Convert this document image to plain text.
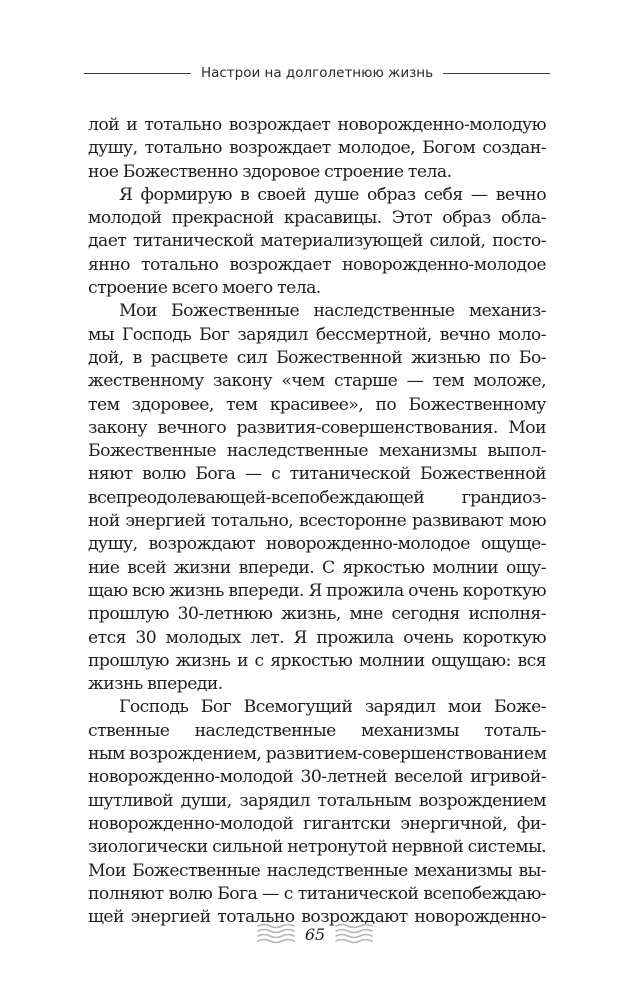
Настрои на долголетнюю жизнь
лой и тотально возрождает новорожденно-молодую
душу, тотально возрождает молодое, Богом создан-
ное Божественно здоровое строение тела.
Я формирую в своей душе образ себя — вечно
молодой прекрасной красавицы. Этот образ обла-
дает титанической материализующей силой, посто-
янно тотально возрождает новорожденно-молодое
строение всего моего тела.
Мои Божественные наследственные механиз-
мы Господь Бог зарядил бессмертной, вечно моло-
дой, в расцвете сил Божественной жизнью по Бо-
жественному закону «чем старше — тем моложе,
тем здоровее, тем красивее», по Божественному
закону вечного развития-совершенствования. Мои
Божественные наследственные механизмы выпол-
няют волю Бога — с титанической Божественной
всепреодолевающей-всепобеждающей грандиоз-
ной энергией тотально, всесторонне развивают мою
душу, возрождают новорожденно-молодое ощуще-
ние всей жизни впереди. С яркостью молнии ощу-
щаю всю жизнь впереди. Я прожила очень короткую
прошлую 30-летнюю жизнь, мне сегодня исполня-
ется 30 молодых лет. Я прожила очень короткую
прошлую жизнь и с яркостью молнии ощущаю: вся
жизнь впереди.
Господь Бог Всемогущий зарядил мои Боже-
ственные наследственные механизмы тоталь-
ным возрождением, развитием-совершенствованием
новорожденно-молодой 30-летней веселой игривой-
шутливой души, зарядил тотальным возрождением
новорожденно-молодой гигантски энергичной, фи-
зиологически сильной нетронутой нервной системы.
Мои Божественные наследственные механизмы вы-
полняют волю Бога — с титанической всепобеждаю-
щей энергией тотально возрождают новорожденно-
65
